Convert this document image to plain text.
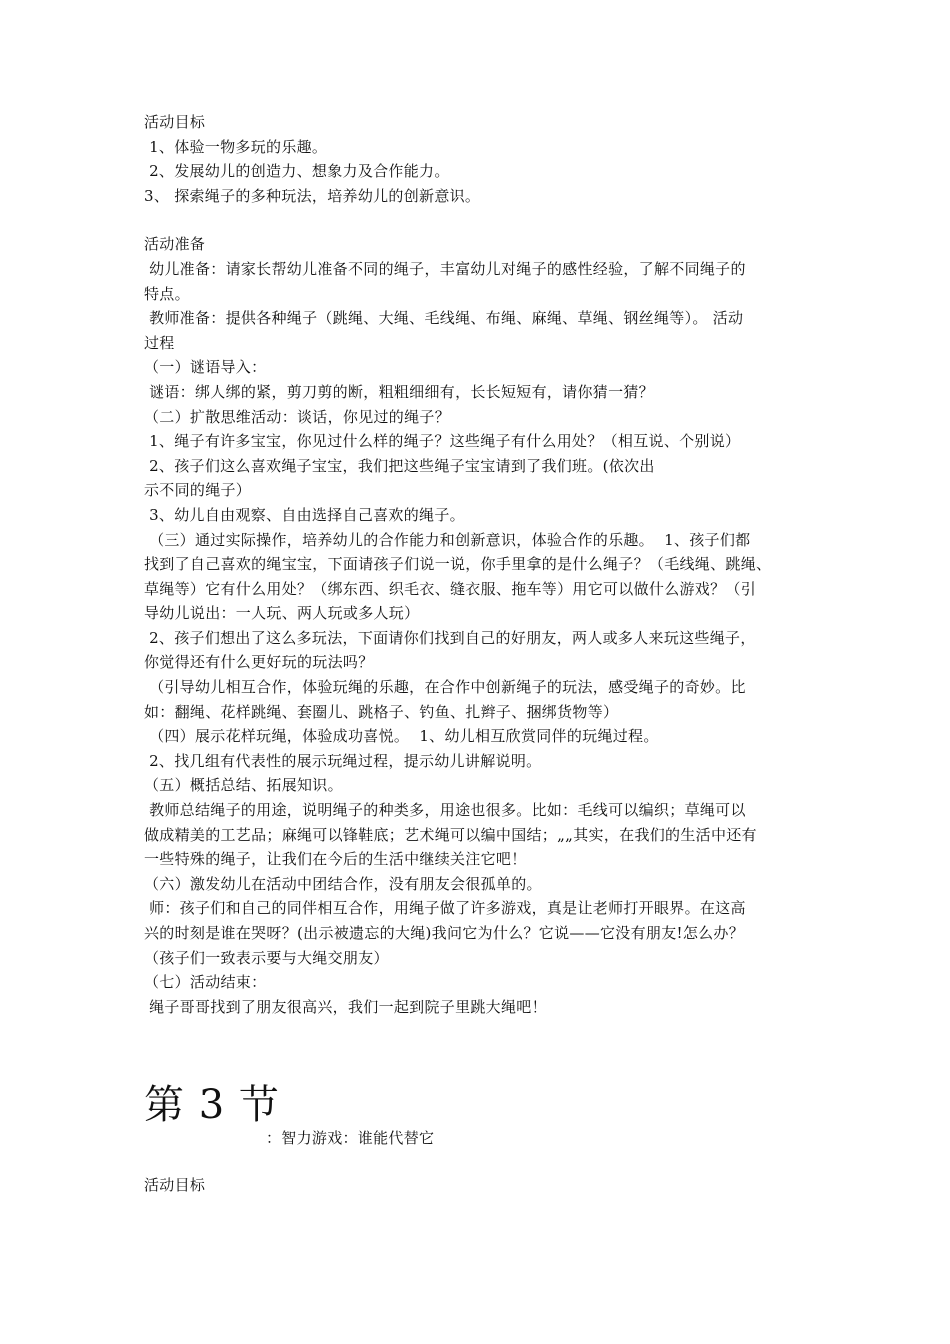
活动目标
1、体验一物多玩的乐趣。
2、发展幼儿的创造力、想象力及合作能力。
3、 探索绳子的多种玩法，培养幼儿的创新意识。
活动准备
幼儿准备：请家长帮幼儿准备不同的绳子，丰富幼儿对绳子的感性经验，了解不同绳子的
特点。
教师准备：提供各种绳子（跳绳、大绳、毛线绳、布绳、麻绳、草绳、钢丝绳等）。 活动
过程
（一）谜语导入：
谜语：绑人绑的紧，剪刀剪的断，粗粗细细有，长长短短有，请你猜一猜？
（二）扩散思维活动：谈话，你见过的绳子？
1、绳子有许多宝宝，你见过什么样的绳子？这些绳子有什么用处？（相互说、个别说）
2、孩子们这么喜欢绳子宝宝，我们把这些绳子宝宝请到了我们班。(依次出
示不同的绳子）
3、幼儿自由观察、自由选择自己喜欢的绳子。
（三）通过实际操作，培养幼儿的合作能力和创新意识，体验合作的乐趣。  1、孩子们都
找到了自己喜欢的绳宝宝，下面请孩子们说一说，你手里拿的是什么绳子？（毛线绳、跳绳、
草绳等）它有什么用处？（绑东西、织毛衣、缝衣服、拖车等）用它可以做什么游戏？（引
导幼儿说出：一人玩、两人玩或多人玩）
2、孩子们想出了这么多玩法，下面请你们找到自己的好朋友，两人或多人来玩这些绳子，
你觉得还有什么更好玩的玩法吗？
（引导幼儿相互合作，体验玩绳的乐趣，在合作中创新绳子的玩法，感受绳子的奇妙。比
如：翻绳、花样跳绳、套圈儿、跳格子、钓鱼、扎辫子、捆绑货物等）
（四）展示花样玩绳，体验成功喜悦。  1、幼儿相互欣赏同伴的玩绳过程。
2、找几组有代表性的展示玩绳过程，提示幼儿讲解说明。
（五）概括总结、拓展知识。
教师总结绳子的用途，说明绳子的种类多，用途也很多。比如：毛线可以编织；草绳可以
做成精美的工艺品；麻绳可以锋鞋底；艺术绳可以编中国结；„„其实，在我们的生活中还有
一些特殊的绳子，让我们在今后的生活中继续关注它吧！
（六）激发幼儿在活动中团结合作，没有朋友会很孤单的。
师：孩子们和自己的同伴相互合作，用绳子做了许多游戏，真是让老师打开眼界。在这高
兴的时刻是谁在哭呀？(出示被遗忘的大绳)我问它为什么？它说——它没有朋友!怎么办？
（孩子们一致表示要与大绳交朋友）
（七）活动结束：
绳子哥哥找到了朋友很高兴，我们一起到院子里跳大绳吧！
第 3 节
：智力游戏：谁能代替它
活动目标
